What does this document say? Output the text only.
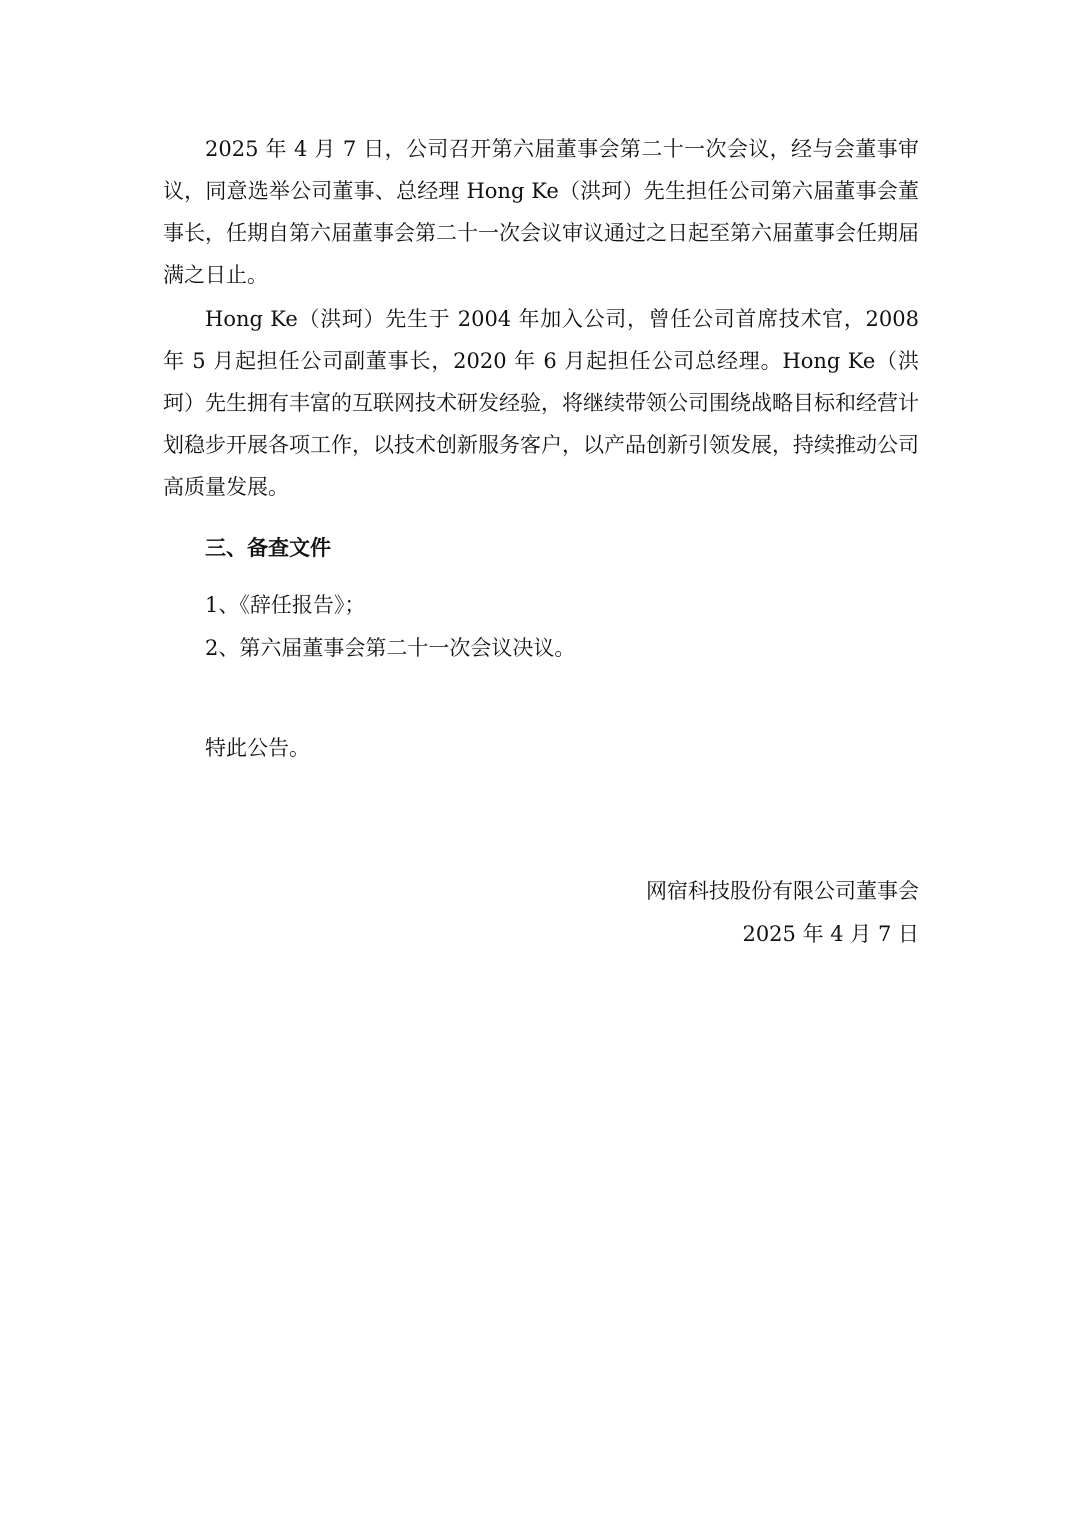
2025 年 4 月 7 日，公司召开第六届董事会第二十一次会议，经与会董事审议，同意选举公司董事、总经理 Hong Ke（洪珂）先生担任公司第六届董事会董事长，任期自第六届董事会第二十一次会议审议通过之日起至第六届董事会任期届满之日止。

Hong Ke（洪珂）先生于 2004 年加入公司，曾任公司首席技术官，2008 年 5 月起担任公司副董事长，2020 年 6 月起担任公司总经理。Hong Ke（洪珂）先生拥有丰富的互联网技术研发经验，将继续带领公司围绕战略目标和经营计划稳步开展各项工作，以技术创新服务客户，以产品创新引领发展，持续推动公司高质量发展。

三、备查文件

1、《辞任报告》；

2、第六届董事会第二十一次会议决议。

特此公告。

网宿科技股份有限公司董事会

2025 年 4 月 7 日
